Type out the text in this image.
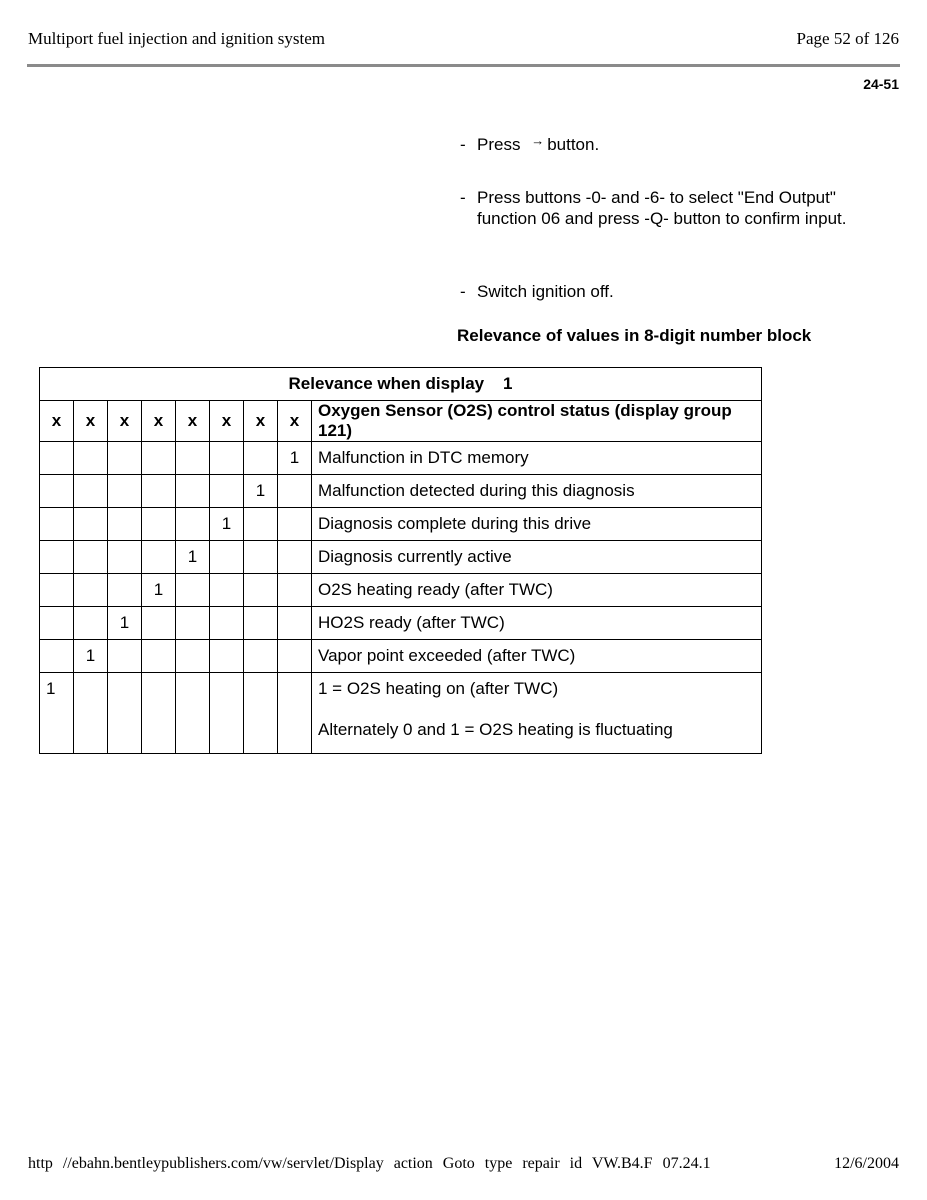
Multiport fuel injection and ignition system	Page 52 of 126
24-51
- Press → button.
- Press buttons -0- and -6- to select "End Output" function 06 and press -Q- button to confirm input.
- Switch ignition off.
Relevance of values in 8-digit number block
Relevance when display    1								
x	x	x	x	x	x	x	x	Oxygen Sensor (O2S) control status (display group 121)
							1	Malfunction in DTC memory
						1		Malfunction detected during this diagnosis
					1			Diagnosis complete during this drive
				1				Diagnosis currently active
			1					O2S heating ready (after TWC)
		1						HO2S ready (after TWC)
	1							Vapor point exceeded (after TWC)
1								1 = O2S heating on (after TWC)
Alternately 0 and 1 = O2S heating is fluctuating
http //ebahn.bentleypublishers.com/vw/servlet/Display action Goto type repair id VW.B4.F 07.24.1	12/6/2004
